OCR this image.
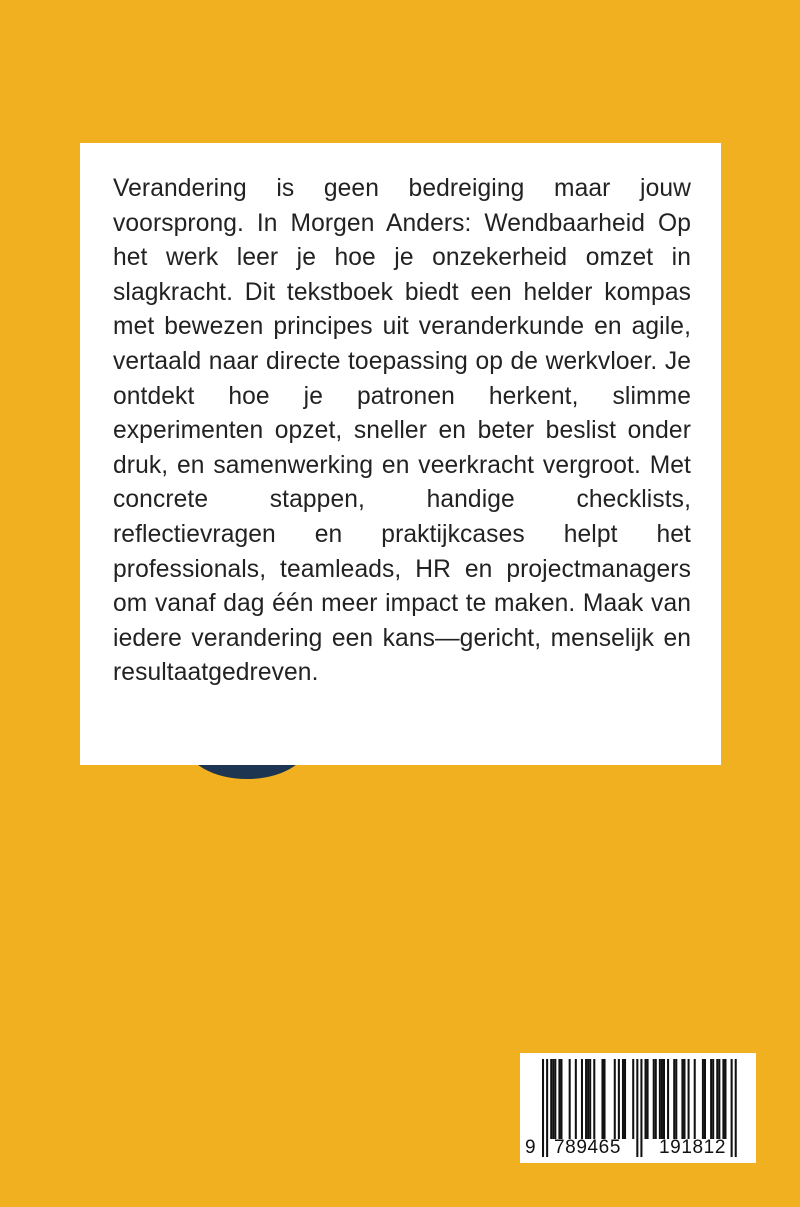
Verandering is geen bedreiging maar jouw voorsprong. In Morgen Anders: Wendbaarheid Op het werk leer je hoe je onzekerheid omzet in slagkracht. Dit tekstboek biedt een helder kompas met bewezen principes uit veranderkunde en agile, vertaald naar directe toepassing op de werkvloer. Je ontdekt hoe je patronen herkent, slimme experimenten opzet, sneller en beter beslist onder druk, en samenwerking en veerkracht vergroot. Met concrete stappen, handige checklists, reflectievragen en praktijkcases helpt het professionals, teamleads, HR en projectmanagers om vanaf dag één meer impact te maken. Maak van iedere verandering een kans—gericht, menselijk en resultaatgedreven.

9 789465 191812
